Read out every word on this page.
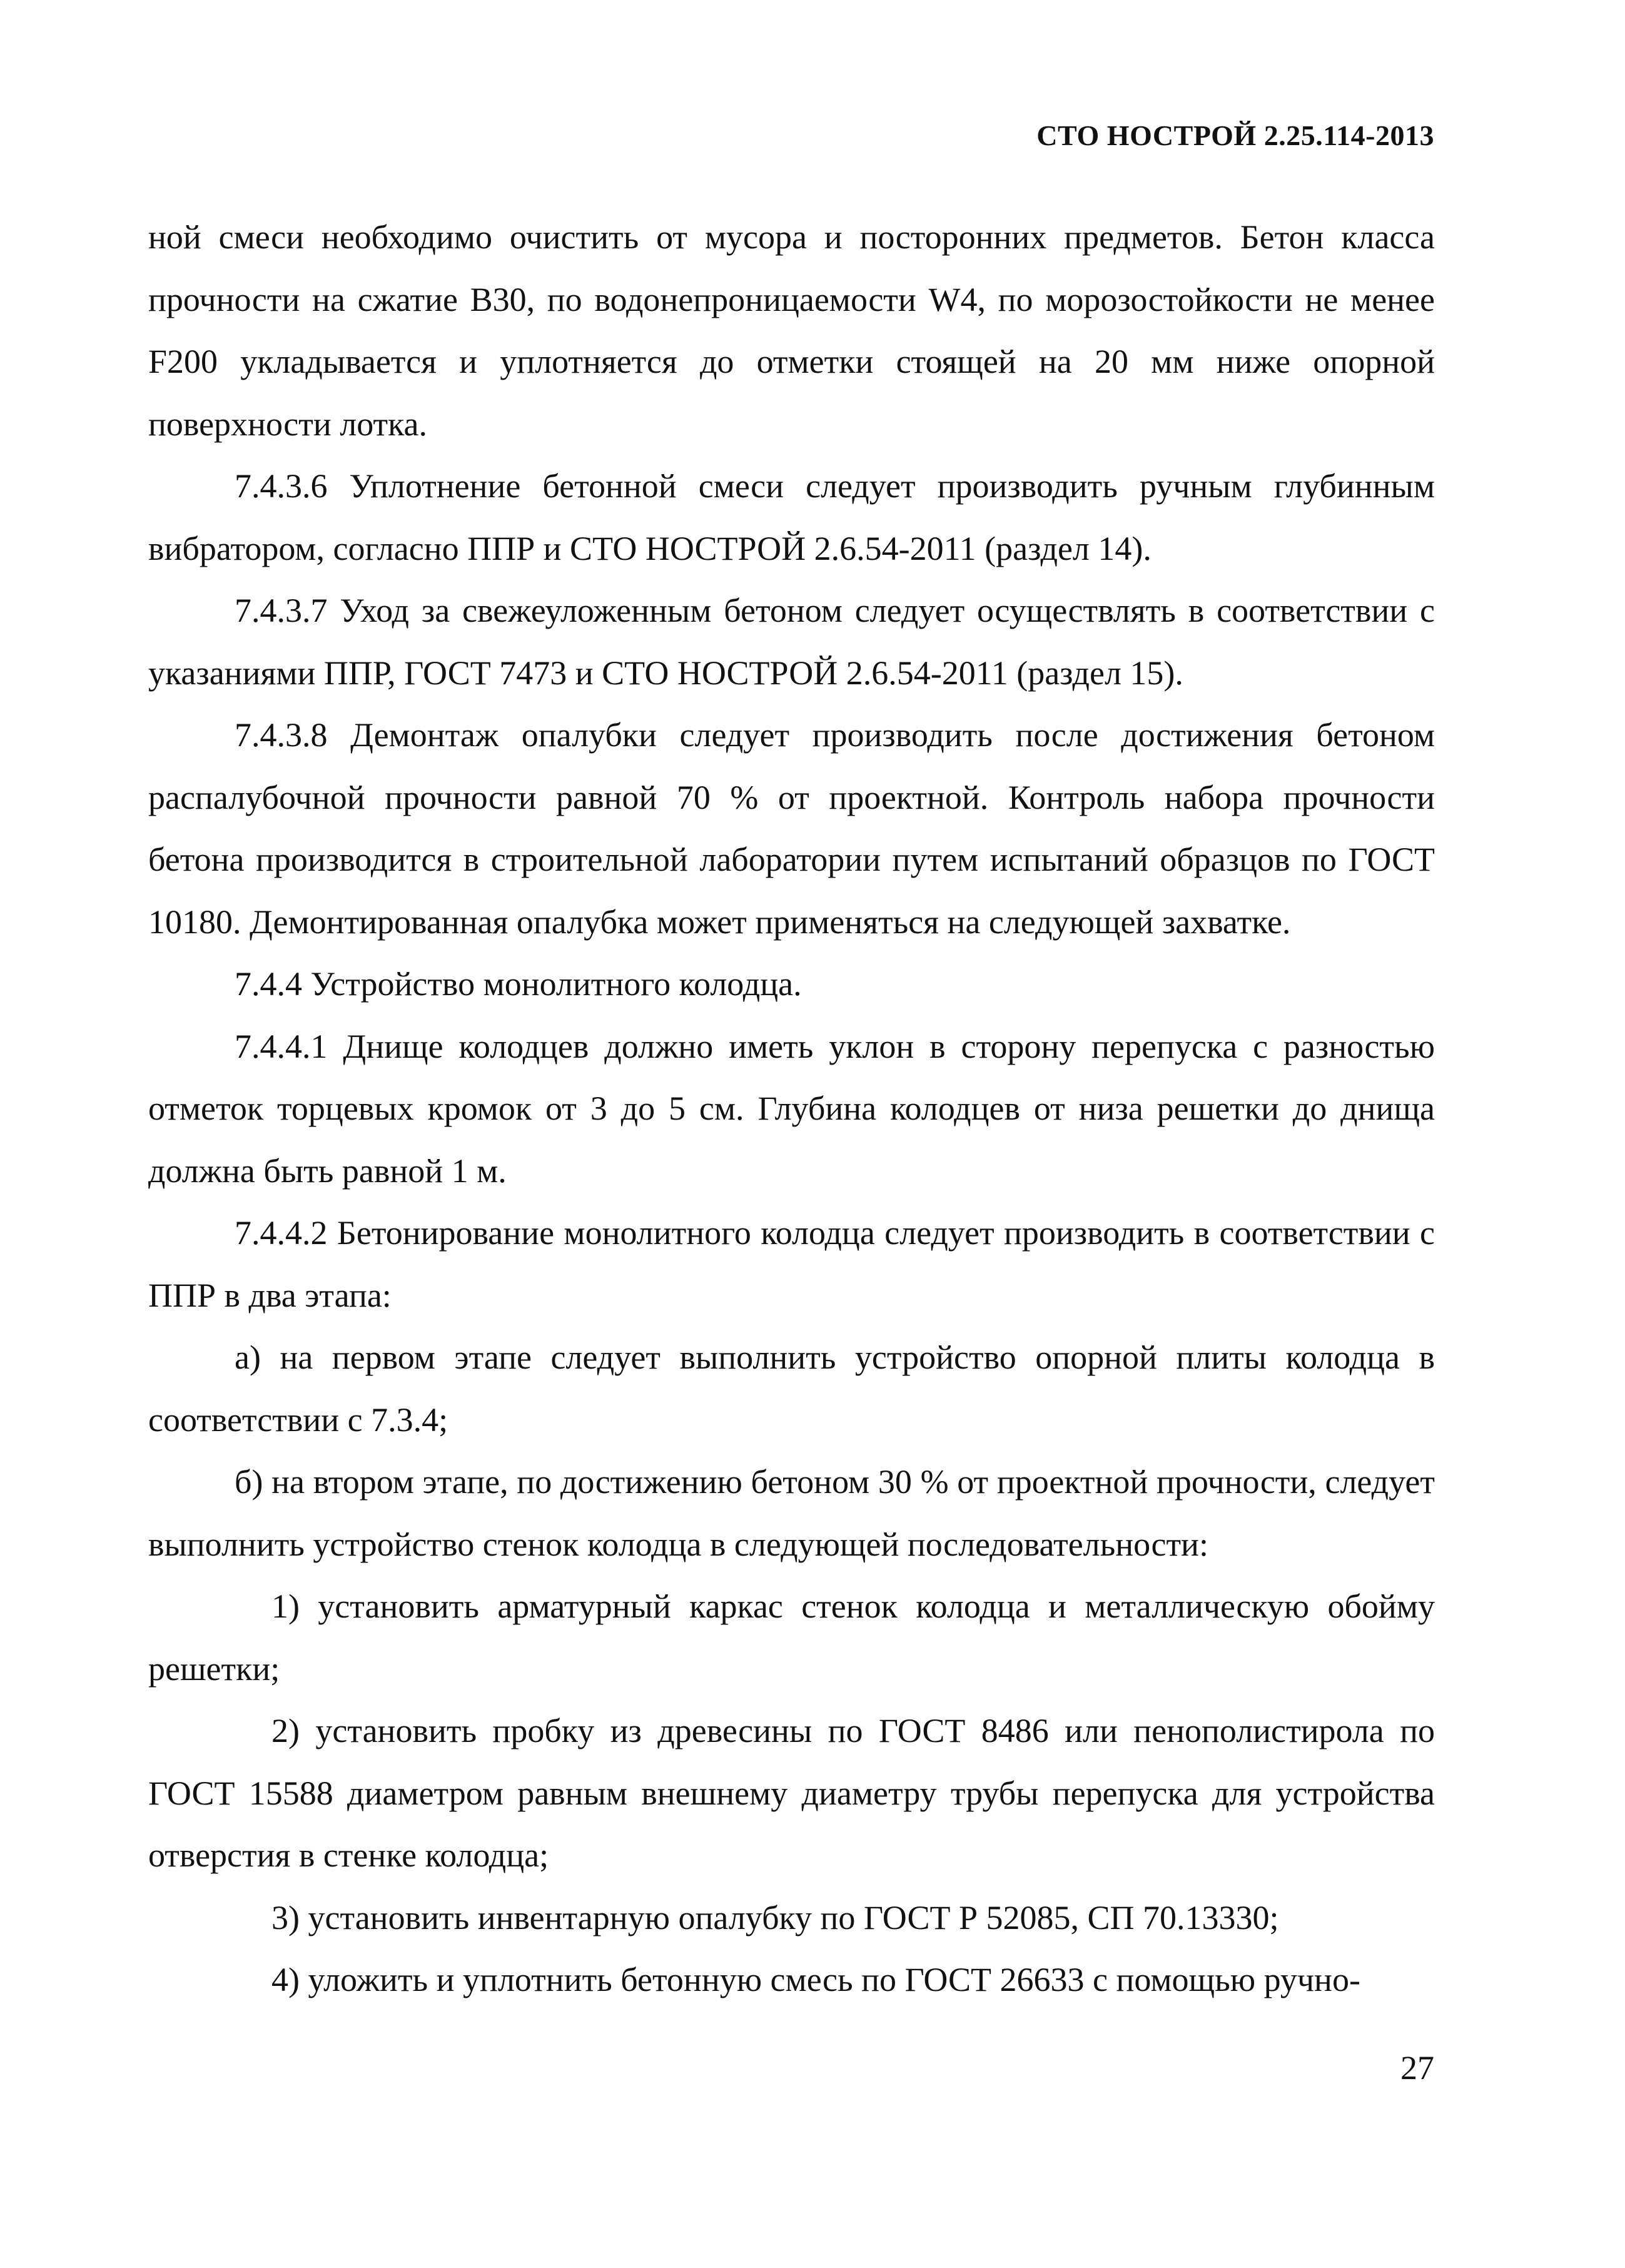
СТО НОСТРОЙ 2.25.114-2013

ной смеси необходимо очистить от мусора и посторонних предметов. Бетон класса прочности на сжатие В30, по водонепроницаемости W4, по морозостойкости не менее F200 укладывается и уплотняется до отметки стоящей на 20 мм ниже опорной поверхности лотка.

7.4.3.6 Уплотнение бетонной смеси следует производить ручным глубинным вибратором, согласно ППР и СТО НОСТРОЙ 2.6.54-2011 (раздел 14).

7.4.3.7 Уход за свежеуложенным бетоном следует осуществлять в соответствии с указаниями ППР, ГОСТ 7473 и СТО НОСТРОЙ 2.6.54-2011 (раздел 15).

7.4.3.8 Демонтаж опалубки следует производить после достижения бетоном распалубочной прочности равной 70 % от проектной. Контроль набора прочности бетона производится в строительной лаборатории путем испытаний образцов по ГОСТ 10180. Демонтированная опалубка может применяться на следующей захватке.

7.4.4 Устройство монолитного колодца.

7.4.4.1 Днище колодцев должно иметь уклон в сторону перепуска с разностью отметок торцевых кромок от 3 до 5 см. Глубина колодцев от низа решетки до днища должна быть равной 1 м.

7.4.4.2 Бетонирование монолитного колодца следует производить в соответствии с ППР в два этапа:

а) на первом этапе следует выполнить устройство опорной плиты колодца в соответствии с 7.3.4;

б) на втором этапе, по достижению бетоном 30 % от проектной прочности, следует выполнить устройство стенок колодца в следующей последовательности:

1) установить арматурный каркас стенок колодца и металлическую обойму решетки;

2) установить пробку из древесины по ГОСТ 8486 или пенополистирола по ГОСТ 15588 диаметром равным внешнему диаметру трубы перепуска для устройства отверстия в стенке колодца;

3) установить инвентарную опалубку по ГОСТ Р 52085, СП 70.13330;

4) уложить и уплотнить бетонную смесь по ГОСТ 26633 с помощью ручно-

27
